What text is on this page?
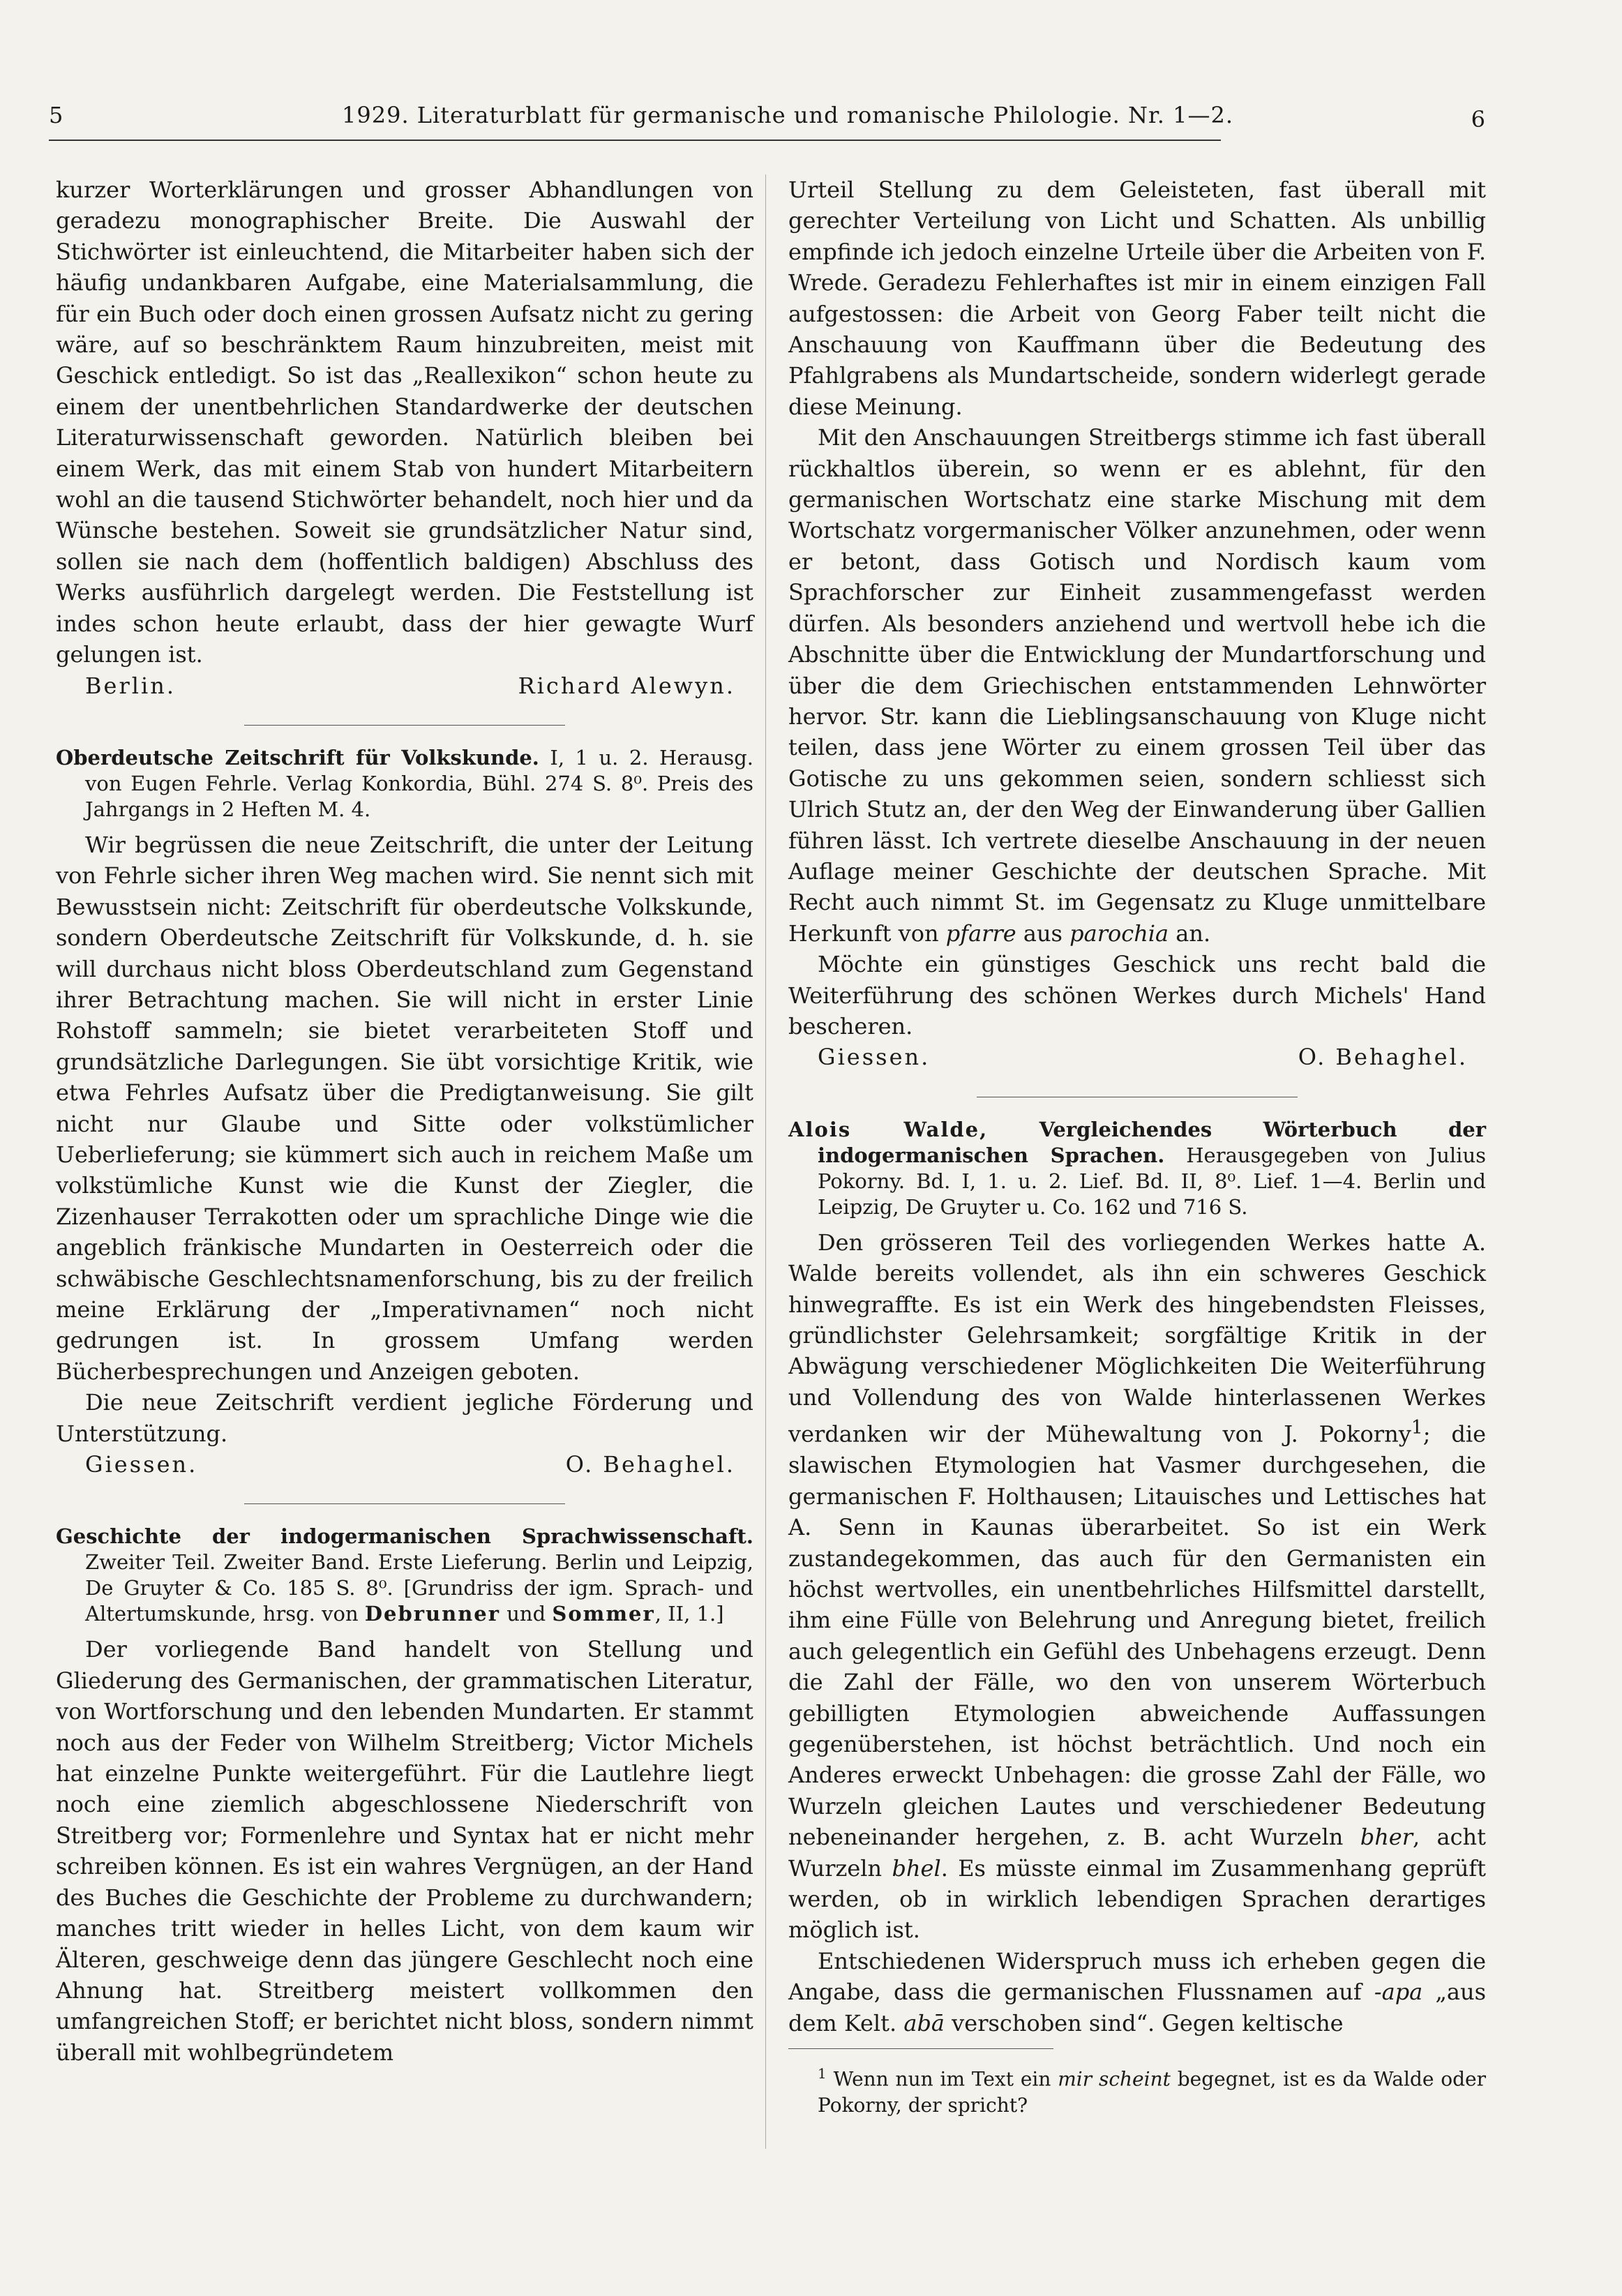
5	1929. Literaturblatt für germanische und romanische Philologie. Nr. 1—2.	6

kurzer Worterklärungen und grosser Abhandlungen von geradezu monographischer Breite. Die Auswahl der Stichwörter ist einleuchtend, die Mitarbeiter haben sich der häufig undankbaren Aufgabe, eine Materialsammlung, die für ein Buch oder doch einen grossen Aufsatz nicht zu gering wäre, auf so beschränktem Raum hinzubreiten, meist mit Geschick entledigt. So ist das „Reallexikon“ schon heute zu einem der unentbehrlichen Standardwerke der deutschen Literaturwissenschaft geworden. Natürlich bleiben bei einem Werk, das mit einem Stab von hundert Mitarbeitern wohl an die tausend Stichwörter behandelt, noch hier und da Wünsche bestehen. Soweit sie grundsätzlicher Natur sind, sollen sie nach dem (hoffentlich baldigen) Abschluss des Werks ausführlich dargelegt werden. Die Feststellung ist indes schon heute erlaubt, dass der hier gewagte Wurf gelungen ist.

Berlin.	Richard Alewyn.

Oberdeutsche Zeitschrift für Volkskunde. I, 1 u. 2. Herausg. von Eugen Fehrle. Verlag Konkordia, Bühl. 274 S. 8⁰. Preis des Jahrgangs in 2 Heften M. 4.

Wir begrüssen die neue Zeitschrift, die unter der Leitung von Fehrle sicher ihren Weg machen wird. Sie nennt sich mit Bewusstsein nicht: Zeitschrift für oberdeutsche Volkskunde, sondern Oberdeutsche Zeitschrift für Volkskunde, d. h. sie will durchaus nicht bloss Oberdeutschland zum Gegenstand ihrer Betrachtung machen. Sie will nicht in erster Linie Rohstoff sammeln; sie bietet verarbeiteten Stoff und grundsätzliche Darlegungen. Sie übt vorsichtige Kritik, wie etwa Fehrles Aufsatz über die Predigtanweisung. Sie gilt nicht nur Glaube und Sitte oder volkstümlicher Ueberlieferung; sie kümmert sich auch in reichem Maße um volkstümliche Kunst wie die Kunst der Ziegler, die Zizenhauser Terrakotten oder um sprachliche Dinge wie die angeblich fränkische Mundarten in Oesterreich oder die schwäbische Geschlechtsnamenforschung, bis zu der freilich meine Erklärung der „Imperativnamen“ noch nicht gedrungen ist. In grossem Umfang werden Bücherbesprechungen und Anzeigen geboten.

Die neue Zeitschrift verdient jegliche Förderung und Unterstützung.

Giessen.	O. Behaghel.

Geschichte der indogermanischen Sprachwissenschaft. Zweiter Teil. Zweiter Band. Erste Lieferung. Berlin und Leipzig, De Gruyter & Co. 185 S. 8⁰. [Grundriss der igm. Sprach- und Altertumskunde, hrsg. von Debrunner und Sommer, II, 1.]

Der vorliegende Band handelt von Stellung und Gliederung des Germanischen, der grammatischen Literatur, von Wortforschung und den lebenden Mundarten. Er stammt noch aus der Feder von Wilhelm Streitberg; Victor Michels hat einzelne Punkte weitergeführt. Für die Lautlehre liegt noch eine ziemlich abgeschlossene Niederschrift von Streitberg vor; Formenlehre und Syntax hat er nicht mehr schreiben können. Es ist ein wahres Vergnügen, an der Hand des Buches die Geschichte der Probleme zu durchwandern; manches tritt wieder in helles Licht, von dem kaum wir Älteren, geschweige denn das jüngere Geschlecht noch eine Ahnung hat. Streitberg meistert vollkommen den umfangreichen Stoff; er berichtet nicht bloss, sondern nimmt überall mit wohlbegründetem

Urteil Stellung zu dem Geleisteten, fast überall mit gerechter Verteilung von Licht und Schatten. Als unbillig empfinde ich jedoch einzelne Urteile über die Arbeiten von F. Wrede. Geradezu Fehlerhaftes ist mir in einem einzigen Fall aufgestossen: die Arbeit von Georg Faber teilt nicht die Anschauung von Kauffmann über die Bedeutung des Pfahlgrabens als Mundartscheide, sondern widerlegt gerade diese Meinung.

Mit den Anschauungen Streitbergs stimme ich fast überall rückhaltlos überein, so wenn er es ablehnt, für den germanischen Wortschatz eine starke Mischung mit dem Wortschatz vorgermanischer Völker anzunehmen, oder wenn er betont, dass Gotisch und Nordisch kaum vom Sprachforscher zur Einheit zusammengefasst werden dürfen. Als besonders anziehend und wertvoll hebe ich die Abschnitte über die Entwicklung der Mundartforschung und über die dem Griechischen entstammenden Lehnwörter hervor. Str. kann die Lieblingsanschauung von Kluge nicht teilen, dass jene Wörter zu einem grossen Teil über das Gotische zu uns gekommen seien, sondern schliesst sich Ulrich Stutz an, der den Weg der Einwanderung über Gallien führen lässt. Ich vertrete dieselbe Anschauung in der neuen Auflage meiner Geschichte der deutschen Sprache. Mit Recht auch nimmt St. im Gegensatz zu Kluge unmittelbare Herkunft von pfarre aus parochia an.

Möchte ein günstiges Geschick uns recht bald die Weiterführung des schönen Werkes durch Michels' Hand bescheren.

Giessen.	O. Behaghel.

Alois Walde, Vergleichendes Wörterbuch der indogermanischen Sprachen. Herausgegeben von Julius Pokorny. Bd. I, 1. u. 2. Lief. Bd. II, 8⁰. Lief. 1—4. Berlin und Leipzig, De Gruyter u. Co. 162 und 716 S.

Den grösseren Teil des vorliegenden Werkes hatte A. Walde bereits vollendet, als ihn ein schweres Geschick hinwegraffte. Es ist ein Werk des hingebendsten Fleisses, gründlichster Gelehrsamkeit; sorgfältige Kritik in der Abwägung verschiedener Möglichkeiten Die Weiterführung und Vollendung des von Walde hinterlassenen Werkes verdanken wir der Mühewaltung von J. Pokorny$^1$; die slawischen Etymologien hat Vasmer durchgesehen, die germanischen F. Holthausen; Litauisches und Lettisches hat A. Senn in Kaunas überarbeitet. So ist ein Werk zustandegekommen, das auch für den Germanisten ein höchst wertvolles, ein unentbehrliches Hilfsmittel darstellt, ihm eine Fülle von Belehrung und Anregung bietet, freilich auch gelegentlich ein Gefühl des Unbehagens erzeugt. Denn die Zahl der Fälle, wo den von unserem Wörterbuch gebilligten Etymologien abweichende Auffassungen gegenüberstehen, ist höchst beträchtlich. Und noch ein Anderes erweckt Unbehagen: die grosse Zahl der Fälle, wo Wurzeln gleichen Lautes und verschiedener Bedeutung nebeneinander hergehen, z. B. acht Wurzeln bher, acht Wurzeln bhel. Es müsste einmal im Zusammenhang geprüft werden, ob in wirklich lebendigen Sprachen derartiges möglich ist.

Entschiedenen Widerspruch muss ich erheben gegen die Angabe, dass die germanischen Flussnamen auf -apa „aus dem Kelt. abā verschoben sind“. Gegen keltische

$^1$ Wenn nun im Text ein mir scheint begegnet, ist es da Walde oder Pokorny, der spricht?
